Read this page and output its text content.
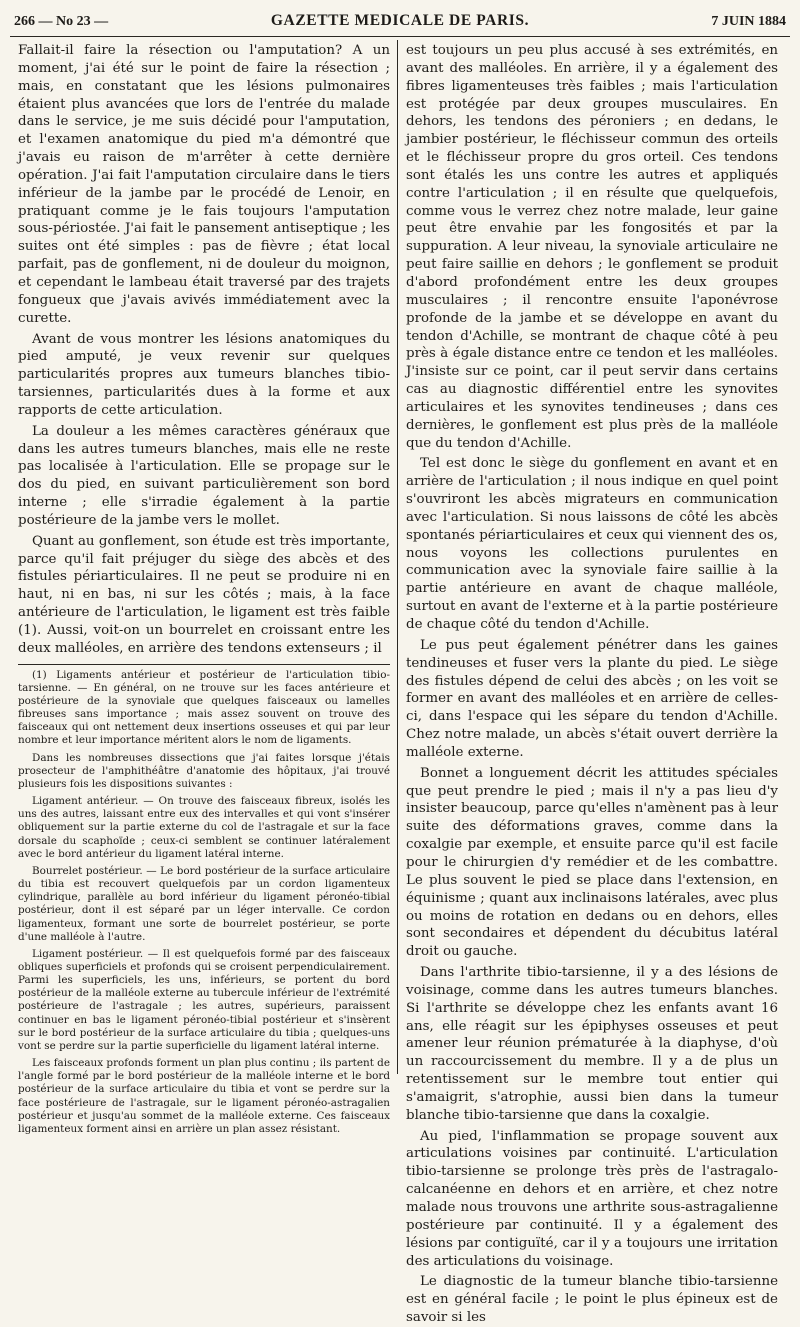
266 — No 23 —	GAZETTE MEDICALE DE PARIS.	7 JUIN 1884

Fallait-il faire la résection ou l'amputation? A un moment, j'ai été sur le point de faire la résection ; mais, en constatant que les lésions pulmonaires étaient plus avancées que lors de l'entrée du malade dans le service, je me suis décidé pour l'amputation, et l'examen anatomique du pied m'a démontré que j'avais eu raison de m'arrêter à cette dernière opération. J'ai fait l'amputation circulaire dans le tiers inférieur de la jambe par le procédé de Lenoir, en pratiquant comme je le fais toujours l'amputation sous-périostée. J'ai fait le pansement antiseptique ; les suites ont été simples : pas de fièvre ; état local parfait, pas de gonflement, ni de douleur du moignon, et cependant le lambeau était traversé par des trajets fongueux que j'avais avivés immédiatement avec la curette.

Avant de vous montrer les lésions anatomiques du pied amputé, je veux revenir sur quelques particularités propres aux tumeurs blanches tibio-tarsiennes, particularités dues à la forme et aux rapports de cette articulation.

La douleur a les mêmes caractères généraux que dans les autres tumeurs blanches, mais elle ne reste pas localisée à l'articulation. Elle se propage sur le dos du pied, en suivant particulièrement son bord interne ; elle s'irradie également à la partie postérieure de la jambe vers le mollet.

Quant au gonflement, son étude est très importante, parce qu'il fait préjuger du siège des abcès et des fistules périarticulaires. Il ne peut se produire ni en haut, ni en bas, ni sur les côtés ; mais, à la face antérieure de l'articulation, le ligament est très faible (1). Aussi, voit-on un bourrelet en croissant entre les deux malléoles, en arrière des tendons extenseurs ; il

(1) Ligaments antérieur et postérieur de l'articulation tibio-tarsienne. — En général, on ne trouve sur les faces antérieure et postérieure de la synoviale que quelques faisceaux ou lamelles fibreuses sans importance ; mais assez souvent on trouve des faisceaux qui ont nettement deux insertions osseuses et qui par leur nombre et leur importance méritent alors le nom de ligaments.

Dans les nombreuses dissections que j'ai faites lorsque j'étais prosecteur de l'amphithéâtre d'anatomie des hôpitaux, j'ai trouvé plusieurs fois les dispositions suivantes :

Ligament antérieur. — On trouve des faisceaux fibreux, isolés les uns des autres, laissant entre eux des intervalles et qui vont s'insérer obliquement sur la partie externe du col de l'astragale et sur la face dorsale du scaphoïde ; ceux-ci semblent se continuer latéralement avec le bord antérieur du ligament latéral interne.

Bourrelet postérieur. — Le bord postérieur de la surface articulaire du tibia est recouvert quelquefois par un cordon ligamenteux cylindrique, parallèle au bord inférieur du ligament péronéo-tibial postérieur, dont il est séparé par un léger intervalle. Ce cordon ligamenteux, formant une sorte de bourrelet postérieur, se porte d'une malléole à l'autre.

Ligament postérieur. — Il est quelquefois formé par des faisceaux obliques superficiels et profonds qui se croisent perpendiculairement. Parmi les superficiels, les uns, inférieurs, se portent du bord postérieur de la malléole externe au tubercule inférieur de l'extrémité postérieure de l'astragale ; les autres, supérieurs, paraissent continuer en bas le ligament péronéo-tibial postérieur et s'insèrent sur le bord postérieur de la surface articulaire du tibia ; quelques-uns vont se perdre sur la partie superficielle du ligament latéral interne.

Les faisceaux profonds forment un plan plus continu ; ils partent de l'angle formé par le bord postérieur de la malléole interne et le bord postérieur de la surface articulaire du tibia et vont se perdre sur la face postérieure de l'astragale, sur le ligament péronéo-astragalien postérieur et jusqu'au sommet de la malléole externe. Ces faisceaux ligamenteux forment ainsi en arrière un plan assez résistant.

est toujours un peu plus accusé à ses extrémités, en avant des malléoles. En arrière, il y a également des fibres ligamenteuses très faibles ; mais l'articulation est protégée par deux groupes musculaires. En dehors, les tendons des péroniers ; en dedans, le jambier postérieur, le fléchisseur commun des orteils et le fléchisseur propre du gros orteil. Ces tendons sont étalés les uns contre les autres et appliqués contre l'articulation ; il en résulte que quelquefois, comme vous le verrez chez notre malade, leur gaine peut être envahie par les fongosités et par la suppuration. A leur niveau, la synoviale articulaire ne peut faire saillie en dehors ; le gonflement se produit d'abord profondément entre les deux groupes musculaires ; il rencontre ensuite l'aponévrose profonde de la jambe et se développe en avant du tendon d'Achille, se montrant de chaque côté à peu près à égale distance entre ce tendon et les malléoles. J'insiste sur ce point, car il peut servir dans certains cas au diagnostic différentiel entre les synovites articulaires et les synovites tendineuses ; dans ces dernières, le gonflement est plus près de la malléole que du tendon d'Achille.

Tel est donc le siège du gonflement en avant et en arrière de l'articulation ; il nous indique en quel point s'ouvriront les abcès migrateurs en communication avec l'articulation. Si nous laissons de côté les abcès spontanés périarticulaires et ceux qui viennent des os, nous voyons les collections purulentes en communication avec la synoviale faire saillie à la partie antérieure en avant de chaque malléole, surtout en avant de l'externe et à la partie postérieure de chaque côté du tendon d'Achille.

Le pus peut également pénétrer dans les gaines tendineuses et fuser vers la plante du pied. Le siège des fistules dépend de celui des abcès ; on les voit se former en avant des malléoles et en arrière de celles-ci, dans l'espace qui les sépare du tendon d'Achille. Chez notre malade, un abcès s'était ouvert derrière la malléole externe.

Bonnet a longuement décrit les attitudes spéciales que peut prendre le pied ; mais il n'y a pas lieu d'y insister beaucoup, parce qu'elles n'amènent pas à leur suite des déformations graves, comme dans la coxalgie par exemple, et ensuite parce qu'il est facile pour le chirurgien d'y remédier et de les combattre. Le plus souvent le pied se place dans l'extension, en équinisme ; quant aux inclinaisons latérales, avec plus ou moins de rotation en dedans ou en dehors, elles sont secondaires et dépendent du décubitus latéral droit ou gauche.

Dans l'arthrite tibio-tarsienne, il y a des lésions de voisinage, comme dans les autres tumeurs blanches. Si l'arthrite se développe chez les enfants avant 16 ans, elle réagit sur les épiphyses osseuses et peut amener leur réunion prématurée à la diaphyse, d'où un raccourcissement du membre. Il y a de plus un retentissement sur le membre tout entier qui s'amaigrit, s'atrophie, aussi bien dans la tumeur blanche tibio-tarsienne que dans la coxalgie.

Au pied, l'inflammation se propage souvent aux articulations voisines par continuité. L'articulation tibio-tarsienne se prolonge très près de l'astragalo-calcanéenne en dehors et en arrière, et chez notre malade nous trouvons une arthrite sous-astragalienne postérieure par continuité. Il y a également des lésions par contiguïté, car il y a toujours une irritation des articulations du voisinage.

Le diagnostic de la tumeur blanche tibio-tarsienne est en général facile ; le point le plus épineux est de savoir si les
